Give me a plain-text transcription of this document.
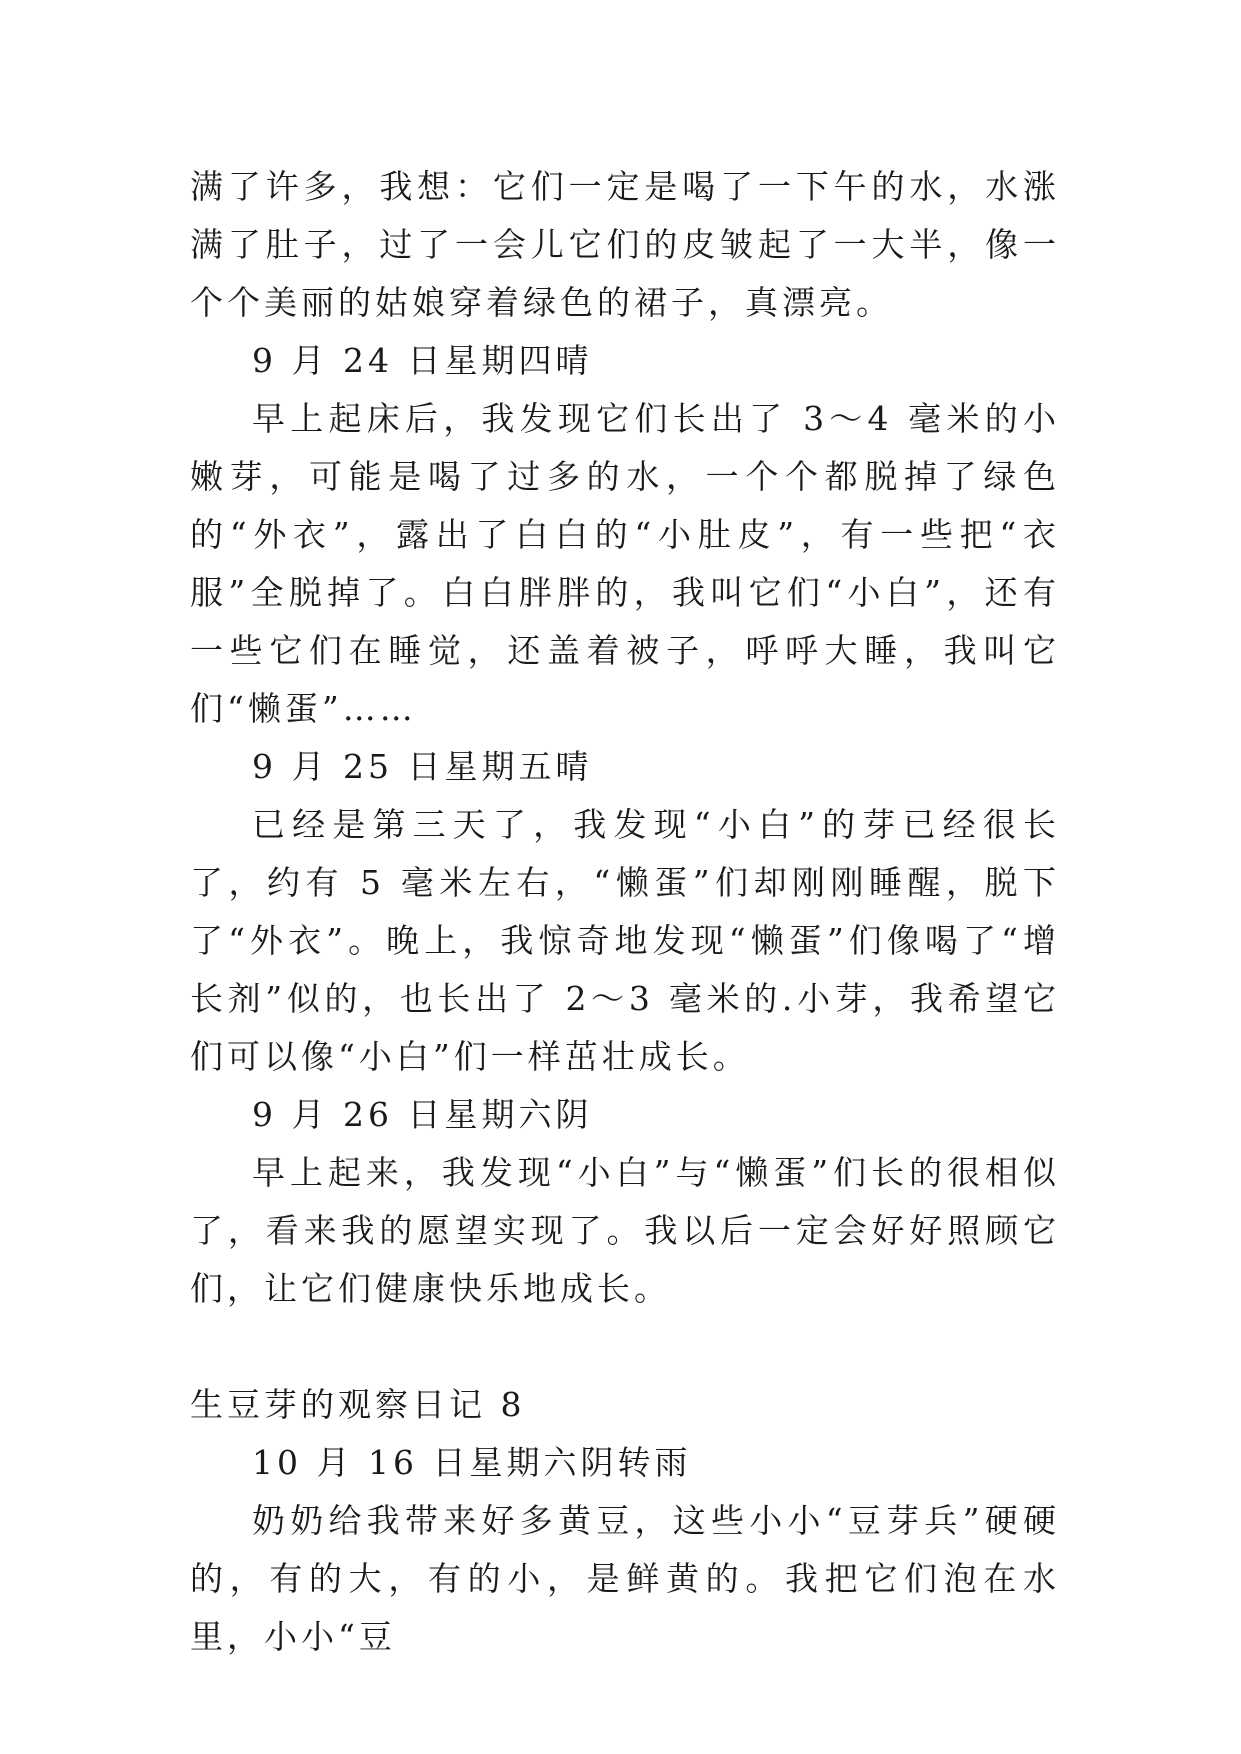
满了许多，我想：它们一定是喝了一下午的水，水涨满了肚子，过了一会儿它们的皮皱起了一大半，像一个个美丽的姑娘穿着绿色的裙子，真漂亮。

9 月 24 日星期四晴

早上起床后，我发现它们长出了 3～4 毫米的小嫩芽，可能是喝了过多的水，一个个都脱掉了绿色的“外衣”，露出了白白的“小肚皮”，有一些把“衣服”全脱掉了。白白胖胖的，我叫它们“小白”，还有一些它们在睡觉，还盖着被子，呼呼大睡，我叫它们“懒蛋”……

9 月 25 日星期五晴

已经是第三天了，我发现“小白”的芽已经很长了，约有 5 毫米左右，“懒蛋”们却刚刚睡醒，脱下了“外衣”。晚上，我惊奇地发现“懒蛋”们像喝了“增长剂”似的，也长出了 2～3 毫米的.小芽，我希望它们可以像“小白”们一样茁壮成长。

9 月 26 日星期六阴

早上起来，我发现“小白”与“懒蛋”们长的很相似了，看来我的愿望实现了。我以后一定会好好照顾它们，让它们健康快乐地成长。

生豆芽的观察日记 8

10 月 16 日星期六阴转雨

奶奶给我带来好多黄豆，这些小小“豆芽兵”硬硬的，有的大，有的小，是鲜黄的。我把它们泡在水里，小小“豆
